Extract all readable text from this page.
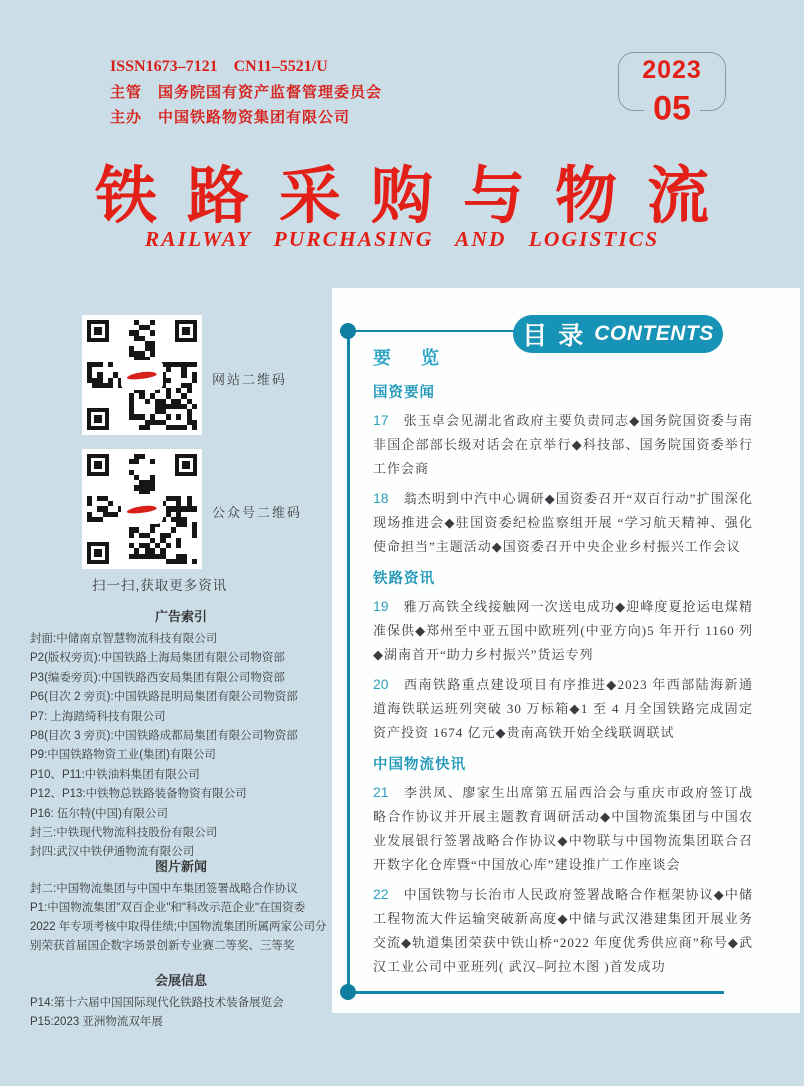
ISSN1673–7121　CN11–5521/U
主管　国务院国有资产监督管理委员会
主办　中国铁路物资集团有限公司
2023
05
铁路采购与物流
RAILWAY PURCHASING AND LOGISTICS
网站二维码
公众号二维码
扫一扫,获取更多资讯
广告索引
封面:中储南京智慧物流科技有限公司
P2(版权旁页):中国铁路上海局集团有限公司物资部
P3(编委旁页):中国铁路西安局集团有限公司物资部
P6(目次 2 旁页):中国铁路昆明局集团有限公司物资部
P7: 上海踏绮科技有限公司
P8(目次 3 旁页):中国铁路成都局集团有限公司物资部
P9:中国铁路物资工业(集团)有限公司
P10、P11:中铁油料集团有限公司
P12、P13:中铁物总铁路装备物资有限公司
P16: 伍尔特(中国)有限公司
封三:中铁现代物流科技股份有限公司
封四:武汉中铁伊通物流有限公司
图片新闻
封二:中国物流集团与中国中车集团签署战略合作协议
P1:中国物流集团"双百企业"和"科改示范企业"在国资委 2022 年专项考核中取得佳绩;中国物流集团所属两家公司分别荣获首届国企数字场景创新专业赛二等奖、三等奖
会展信息
P14:第十六届中国国际现代化铁路技术装备展览会
P15:2023 亚洲物流双年展
目 录 CONTENTS
要　览
国资要闻

17 张玉卓会见湖北省政府主要负责同志◆国务院国资委与南非国企部部长级对话会在京举行◆科技部、国务院国资委举行工作会商

18 翁杰明到中汽中心调研◆国资委召开“双百行动”扩围深化现场推进会◆驻国资委纪检监察组开展 “学习航天精神、强化使命担当”主题活动◆国资委召开中央企业乡村振兴工作会议

铁路资讯

19 雅万高铁全线接触网一次送电成功◆迎峰度夏抢运电煤精准保供◆郑州至中亚五国中欧班列(中亚方向)5 年开行 1160 列◆湖南首开“助力乡村振兴”货运专列

20 西南铁路重点建设项目有序推进◆2023 年西部陆海新通道海铁联运班列突破 30 万标箱◆1 至 4 月全国铁路完成固定资产投资 1674 亿元◆贵南高铁开始全线联调联试

中国物流快讯

21 李洪凤、廖家生出席第五届西洽会与重庆市政府签订战略合作协议并开展主题教育调研活动◆中国物流集团与中国农业发展银行签署战略合作协议◆中物联与中国物流集团联合召开数字化仓库暨“中国放心库”建设推广工作座谈会

22 中国铁物与长治市人民政府签署战略合作框架协议◆中储工程物流大件运输突破新高度◆中储与武汉港建集团开展业务交流◆轨道集团荣获中铁山桥“2022 年度优秀供应商”称号◆武汉工业公司中亚班列( 武汉–阿拉木图 )首发成功
